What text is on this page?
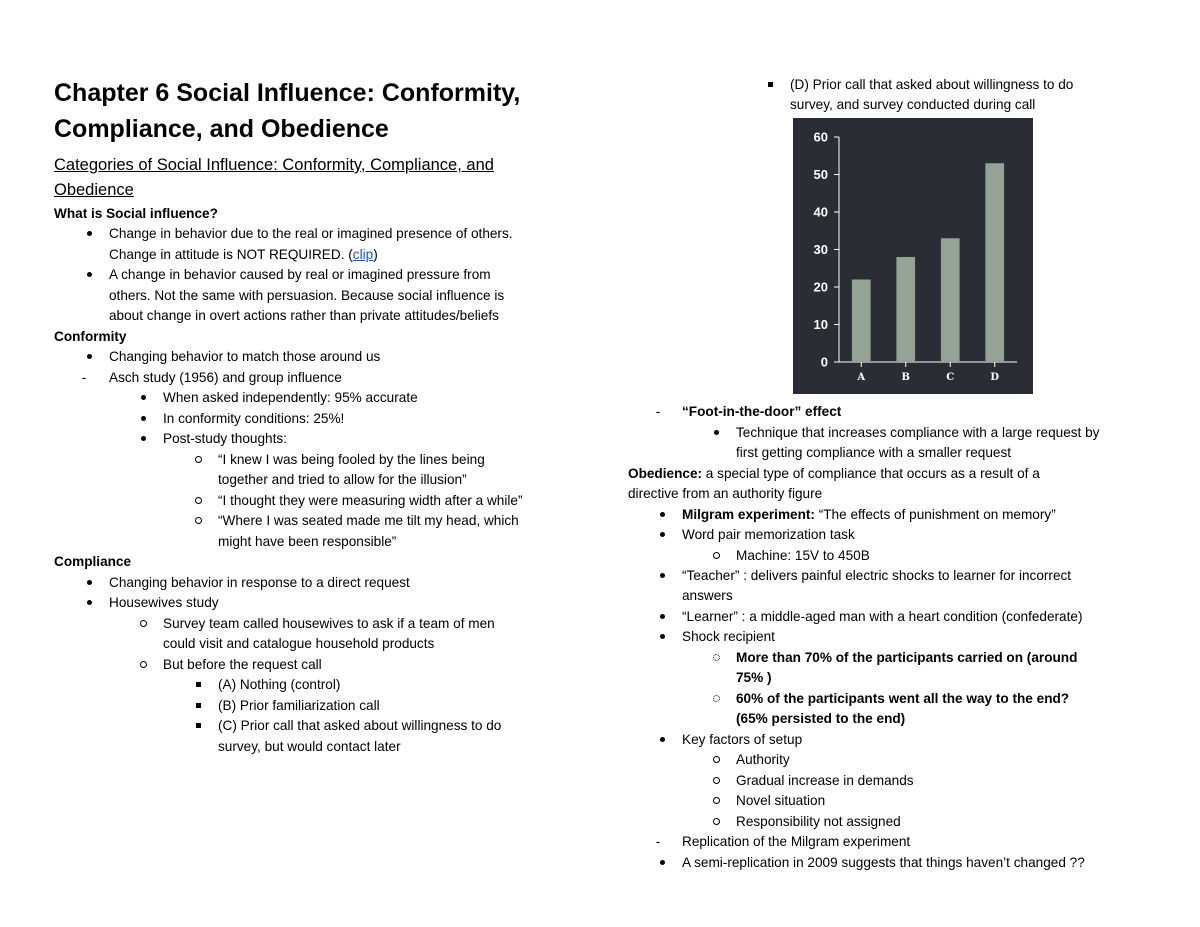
Chapter 6 Social Influence: Conformity,
Compliance, and Obedience
Categories of Social Influence: Conformity, Compliance, and
Obedience
What is Social influence?
Change in behavior due to the real or imagined presence of others.
Change in attitude is NOT REQUIRED. (clip)
A change in behavior caused by real or imagined pressure from
others. Not the same with persuasion. Because social influence is
about change in overt actions rather than private attitudes/beliefs
Conformity
Changing behavior to match those around us
-
Asch study (1956) and group influence
When asked independently: 95% accurate
In conformity conditions: 25%!
Post-study thoughts:
“I knew I was being fooled by the lines being
together and tried to allow for the illusion”
“I thought they were measuring width after a while”
“Where I was seated made me tilt my head, which
might have been responsible”
Compliance
Changing behavior in response to a direct request
Housewives study
Survey team called housewives to ask if a team of men
could visit and catalogue household products
But before the request call
(A) Nothing (control)
(B) Prior familiarization call
(C) Prior call that asked about willingness to do
survey, but would contact later
(D) Prior call that asked about willingness to do
survey, and survey conducted during call
-
“Foot-in-the-door” effect
Technique that increases compliance with a large request by
first getting compliance with a smaller request
Obedience: a special type of compliance that occurs as a result of a
directive from an authority figure
Milgram experiment: “The effects of punishment on memory”
Word pair memorization task
Machine: 15V to 450B
“Teacher” : delivers painful electric shocks to learner for incorrect
answers
“Learner” : a middle-aged man with a heart condition (confederate)
Shock recipient
More than 70% of the participants carried on (around
75% )
60% of the participants went all the way to the end?
(65% persisted to the end)
Key factors of setup
Authority
Gradual increase in demands
Novel situation
Responsibility not assigned
-
Replication of the Milgram experiment
A semi-replication in 2009 suggests that things haven’t changed ??
0
10
20
30
40
50
60
A	B	C	D
